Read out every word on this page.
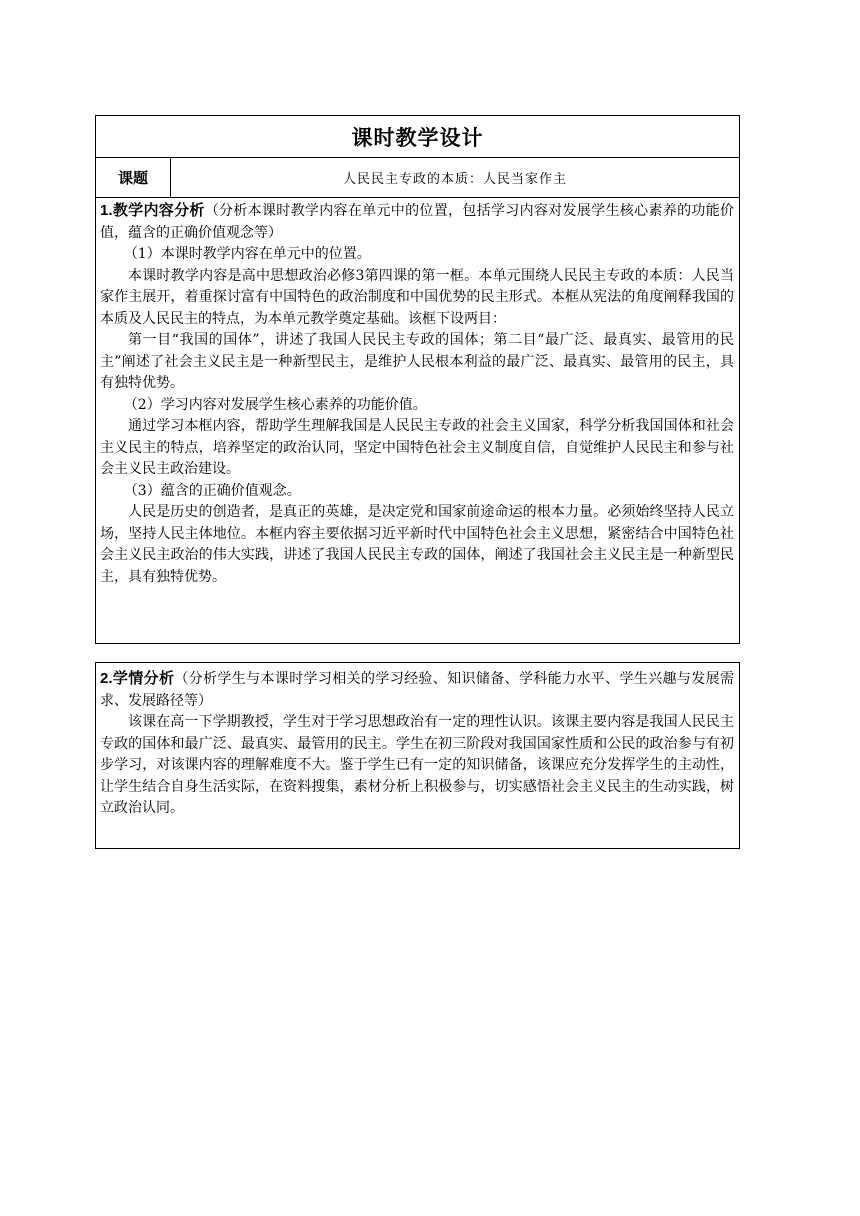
课时教学设计
课题	人民民主专政的本质：人民当家作主

1.教学内容分析（分析本课时教学内容在单元中的位置，包括学习内容对发展学生核心素养的功能价值，蕴含的正确价值观念等）

（1）本课时教学内容在单元中的位置。

本课时教学内容是高中思想政治必修3第四课的第一框。本单元围绕人民民主专政的本质：人民当家作主展开，着重探讨富有中国特色的政治制度和中国优势的民主形式。本框从宪法的角度阐释我国的本质及人民民主的特点，为本单元教学奠定基础。该框下设两目：

第一目“我国的国体”，讲述了我国人民民主专政的国体；第二目“最广泛、最真实、最管用的民主”阐述了社会主义民主是一种新型民主，是维护人民根本利益的最广泛、最真实、最管用的民主，具有独特优势。

（2）学习内容对发展学生核心素养的功能价值。

通过学习本框内容，帮助学生理解我国是人民民主专政的社会主义国家，科学分析我国国体和社会主义民主的特点，培养坚定的政治认同，坚定中国特色社会主义制度自信，自觉维护人民民主和参与社会主义民主政治建设。

（3）蕴含的正确价值观念。

人民是历史的创造者，是真正的英雄，是决定党和国家前途命运的根本力量。必须始终坚持人民立场，坚持人民主体地位。本框内容主要依据习近平新时代中国特色社会主义思想，紧密结合中国特色社会主义民主政治的伟大实践，讲述了我国人民民主专政的国体，阐述了我国社会主义民主是一种新型民主，具有独特优势。

2.学情分析（分析学生与本课时学习相关的学习经验、知识储备、学科能力水平、学生兴趣与发展需求、发展路径等）

该课在高一下学期教授，学生对于学习思想政治有一定的理性认识。该课主要内容是我国人民民主专政的国体和最广泛、最真实、最管用的民主。学生在初三阶段对我国国家性质和公民的政治参与有初步学习，对该课内容的理解难度不大。鉴于学生已有一定的知识储备，该课应充分发挥学生的主动性，让学生结合自身生活实际，在资料搜集，素材分析上积极参与，切实感悟社会主义民主的生动实践，树立政治认同。
